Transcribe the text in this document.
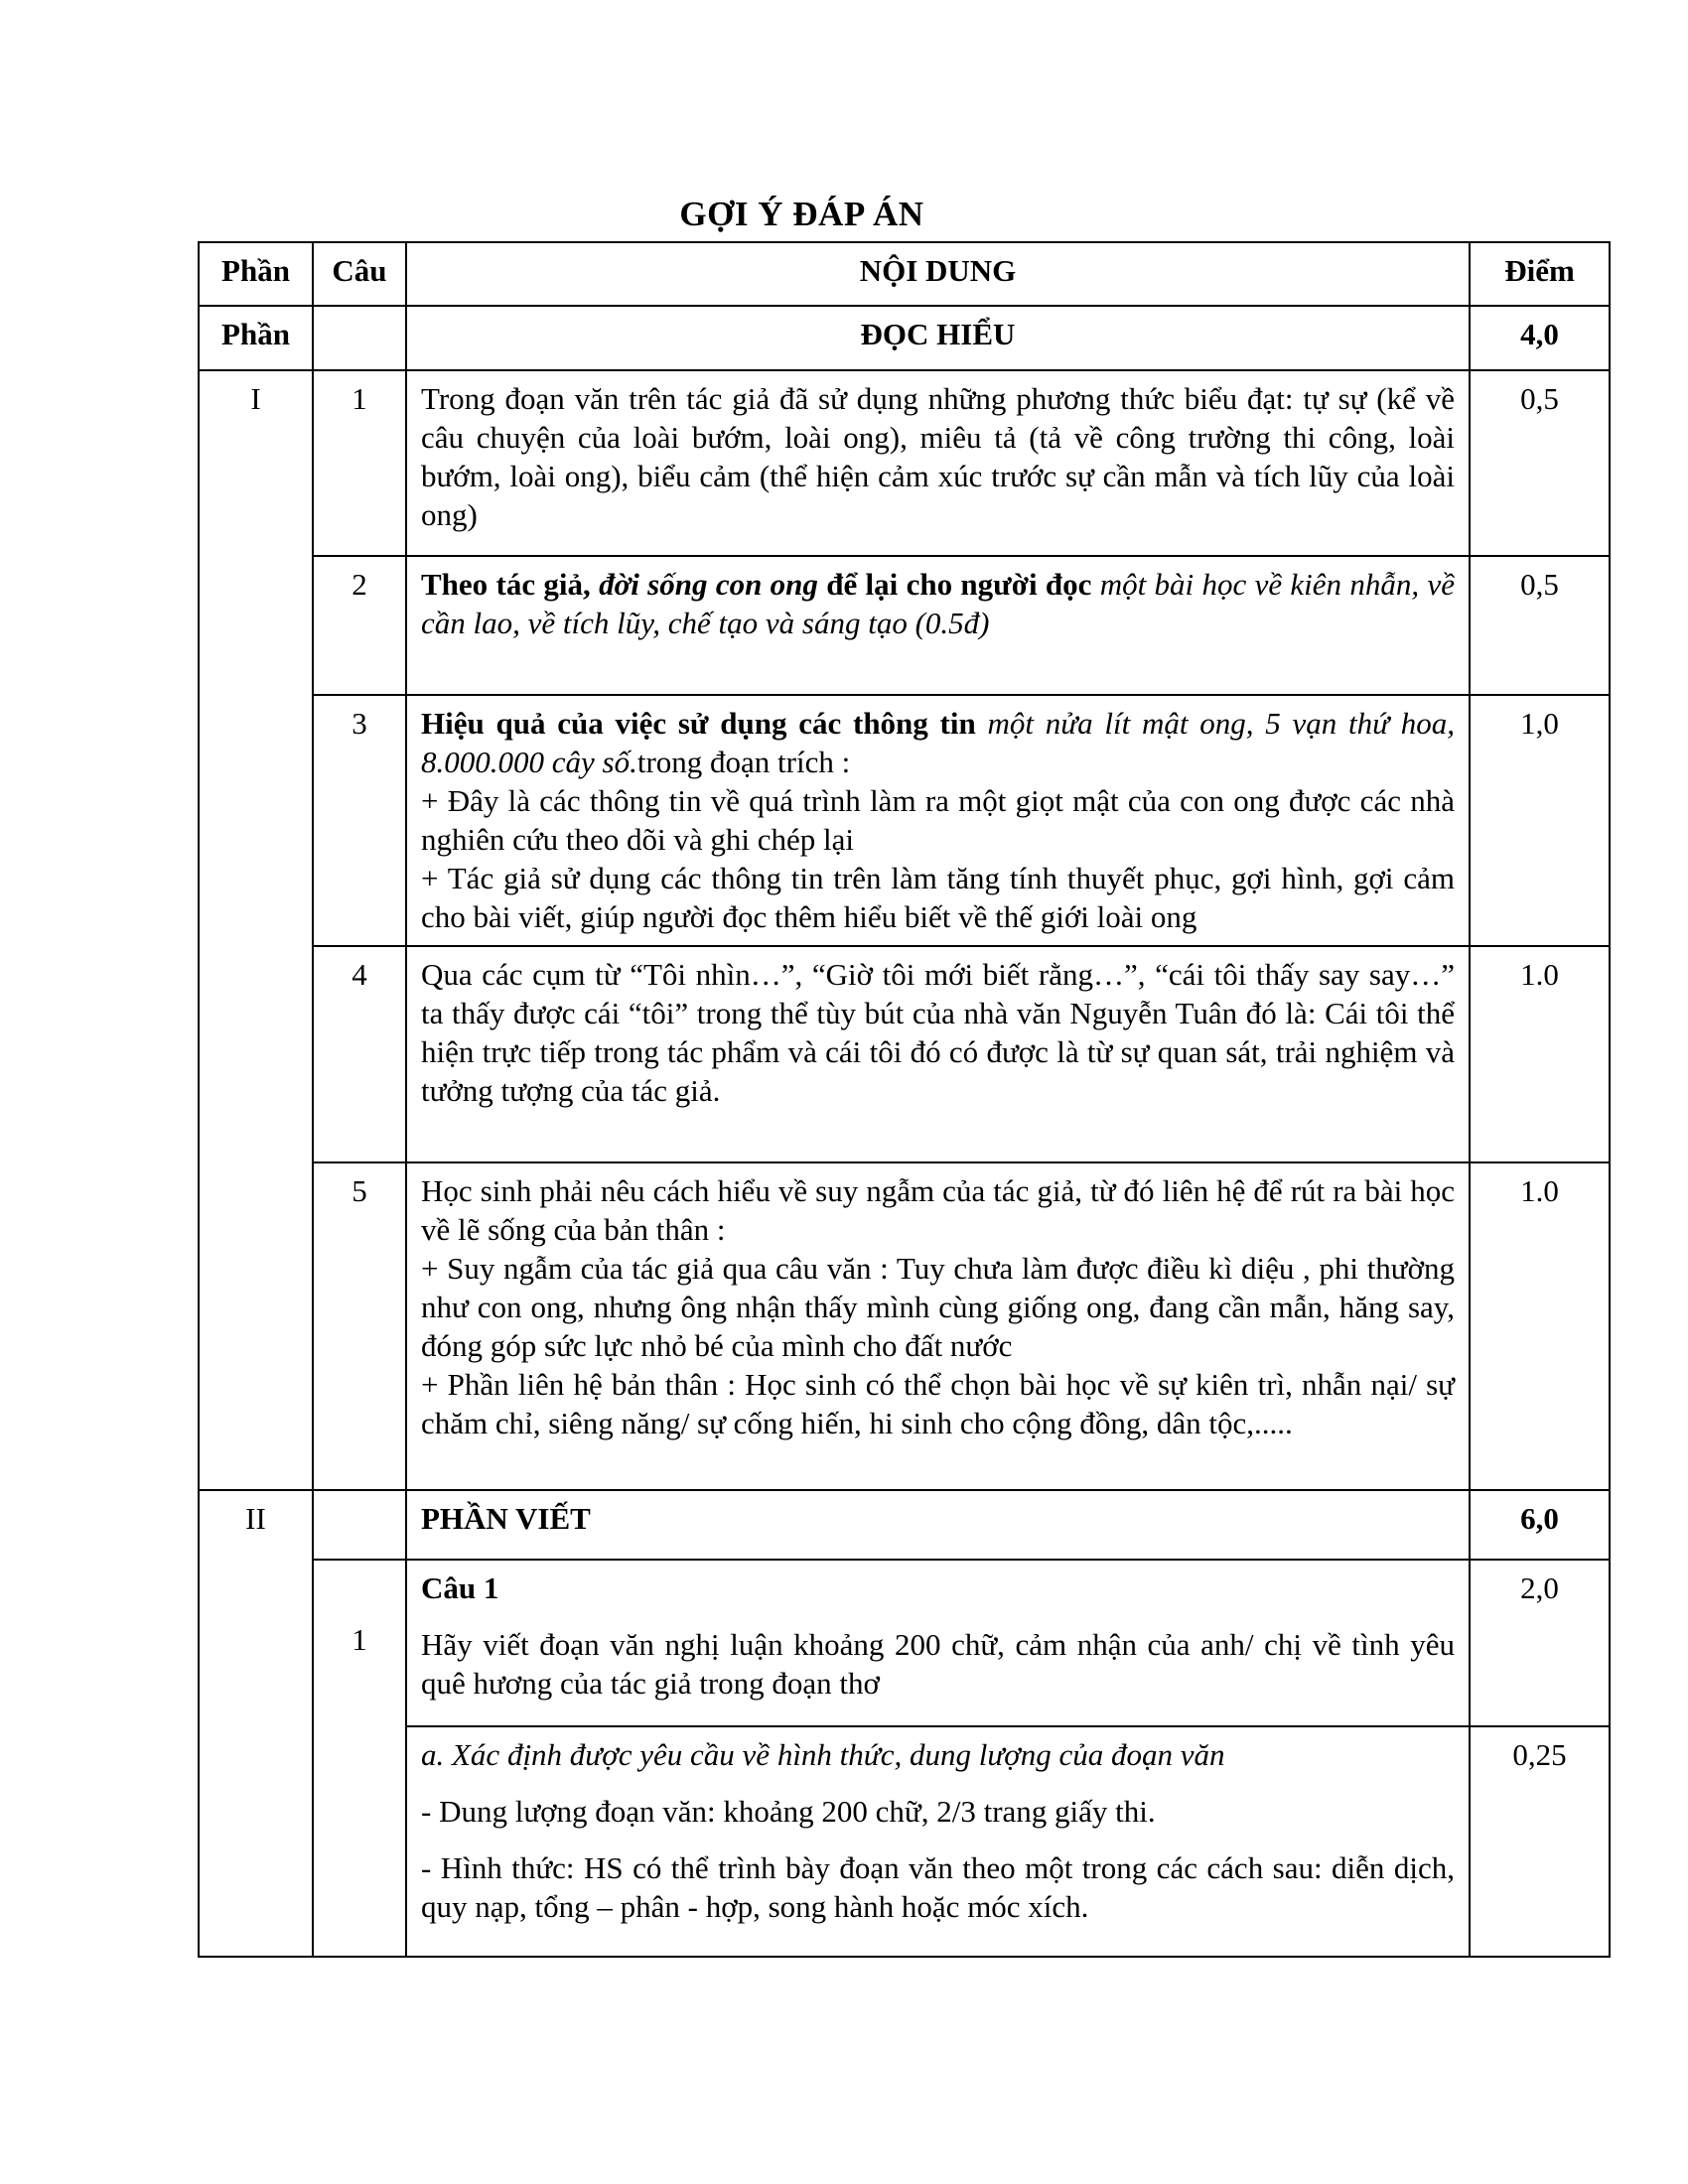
GỢI Ý ĐÁP ÁN
Phần	Câu	NỘI DUNG	Điểm
Phần		ĐỌC HIỂU	4,0
I	1	Trong đoạn văn trên tác giả đã sử dụng những phương thức biểu đạt: tự sự (kể về câu chuyện của loài bướm, loài ong), miêu tả (tả về công trường thi công, loài bướm, loài ong), biểu cảm (thể hiện cảm xúc trước sự cần mẫn và tích lũy của loài ong)	0,5
	2	Theo tác giả, đời sống con ong để lại cho người đọc một bài học về kiên nhẫn, về cần lao, về tích lũy, chế tạo và sáng tạo (0.5đ)	0,5
	3	Hiệu quả của việc sử dụng các thông tin một nửa lít mật ong, 5 vạn thứ hoa, 8.000.000 cây số.trong đoạn trích :

+ Đây là các thông tin về quá trình làm ra một giọt mật của con ong được các nhà nghiên cứu theo dõi và ghi chép lại

+ Tác giả sử dụng các thông tin trên làm tăng tính thuyết phục, gợi hình, gợi cảm cho bài viết, giúp người đọc thêm hiểu biết về thế giới loài ong	1,0
	4	Qua các cụm từ “Tôi nhìn…”, “Giờ tôi mới biết rằng…”, “cái tôi thấy say say…” ta thấy được cái “tôi” trong thể tùy bút của nhà văn Nguyễn Tuân đó là: Cái tôi thể hiện trực tiếp trong tác phẩm và cái tôi đó có được là từ sự quan sát, trải nghiệm và tưởng tượng của tác giả.	1.0
	5	Học sinh phải nêu cách hiểu về suy ngẫm của tác giả, từ đó liên hệ để rút ra bài học về lẽ sống của bản thân :

+ Suy ngẫm của tác giả qua câu văn : Tuy chưa làm được điều kì diệu , phi thường như con ong, nhưng ông nhận thấy mình cùng giống ong, đang cần mẫn, hăng say, đóng góp sức lực nhỏ bé của mình cho đất nước

+ Phần liên hệ bản thân : Học sinh có thể chọn bài học về sự kiên trì, nhẫn nại/ sự chăm chỉ, siêng năng/ sự cống hiến, hi sinh cho cộng đồng, dân tộc,.....	1.0
II		PHẦN VIẾT	6,0
	1	Câu 1

Hãy viết đoạn văn nghị luận khoảng 200 chữ, cảm nhận của anh/ chị về tình yêu quê hương của tác giả trong đoạn thơ	2,0

		a. Xác định được yêu cầu về hình thức, dung lượng của đoạn văn

- Dung lượng đoạn văn: khoảng 200 chữ, 2/3 trang giấy thi.

- Hình thức: HS có thể trình bày đoạn văn theo một trong các cách sau: diễn dịch, quy nạp, tổng – phân - hợp, song hành hoặc móc xích.	0,25
